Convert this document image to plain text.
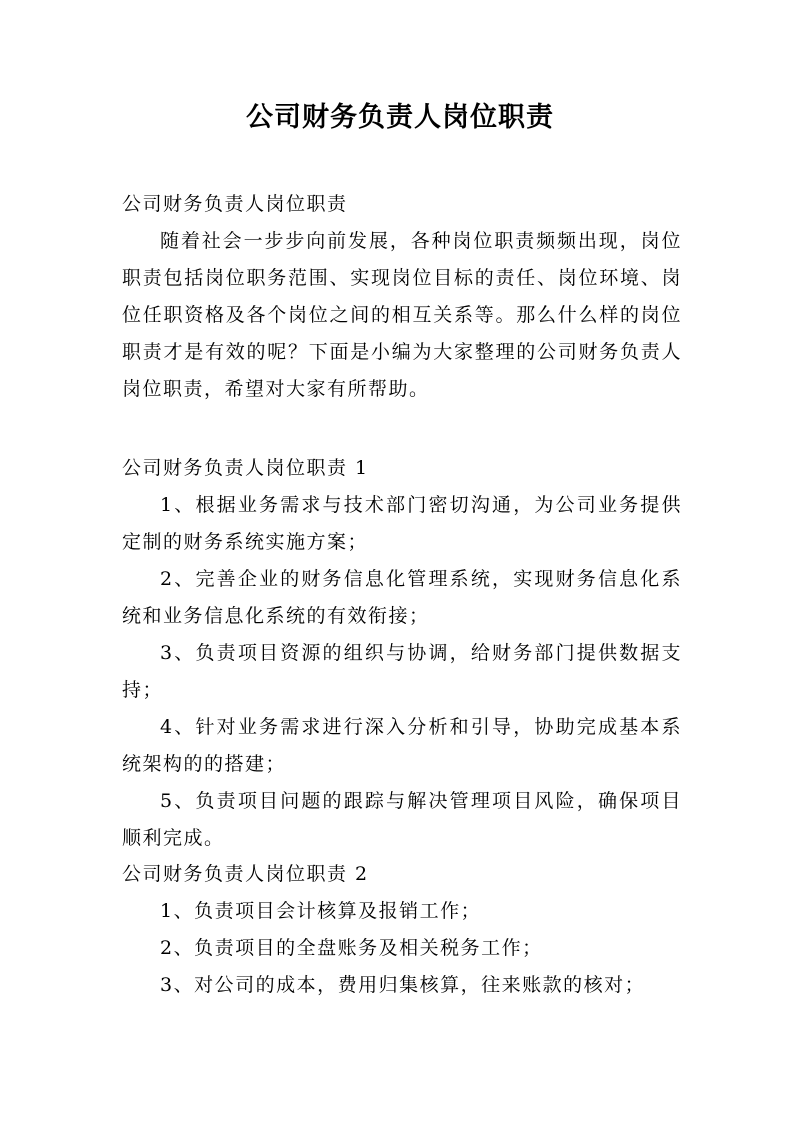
公司财务负责人岗位职责
公司财务负责人岗位职责
随着社会一步步向前发展，各种岗位职责频频出现，岗位职责包括岗位职务范围、实现岗位目标的责任、岗位环境、岗位任职资格及各个岗位之间的相互关系等。那么什么样的岗位职责才是有效的呢？下面是小编为大家整理的公司财务负责人岗位职责，希望对大家有所帮助。

公司财务负责人岗位职责 1

1、根据业务需求与技术部门密切沟通，为公司业务提供定制的财务系统实施方案；

2、完善企业的财务信息化管理系统，实现财务信息化系统和业务信息化系统的有效衔接；

3、负责项目资源的组织与协调，给财务部门提供数据支持；

4、针对业务需求进行深入分析和引导，协助完成基本系统架构的的搭建；

5、负责项目问题的跟踪与解决管理项目风险，确保项目顺利完成。

公司财务负责人岗位职责 2

1、负责项目会计核算及报销工作；

2、负责项目的全盘账务及相关税务工作；

3、对公司的成本，费用归集核算，往来账款的核对；
